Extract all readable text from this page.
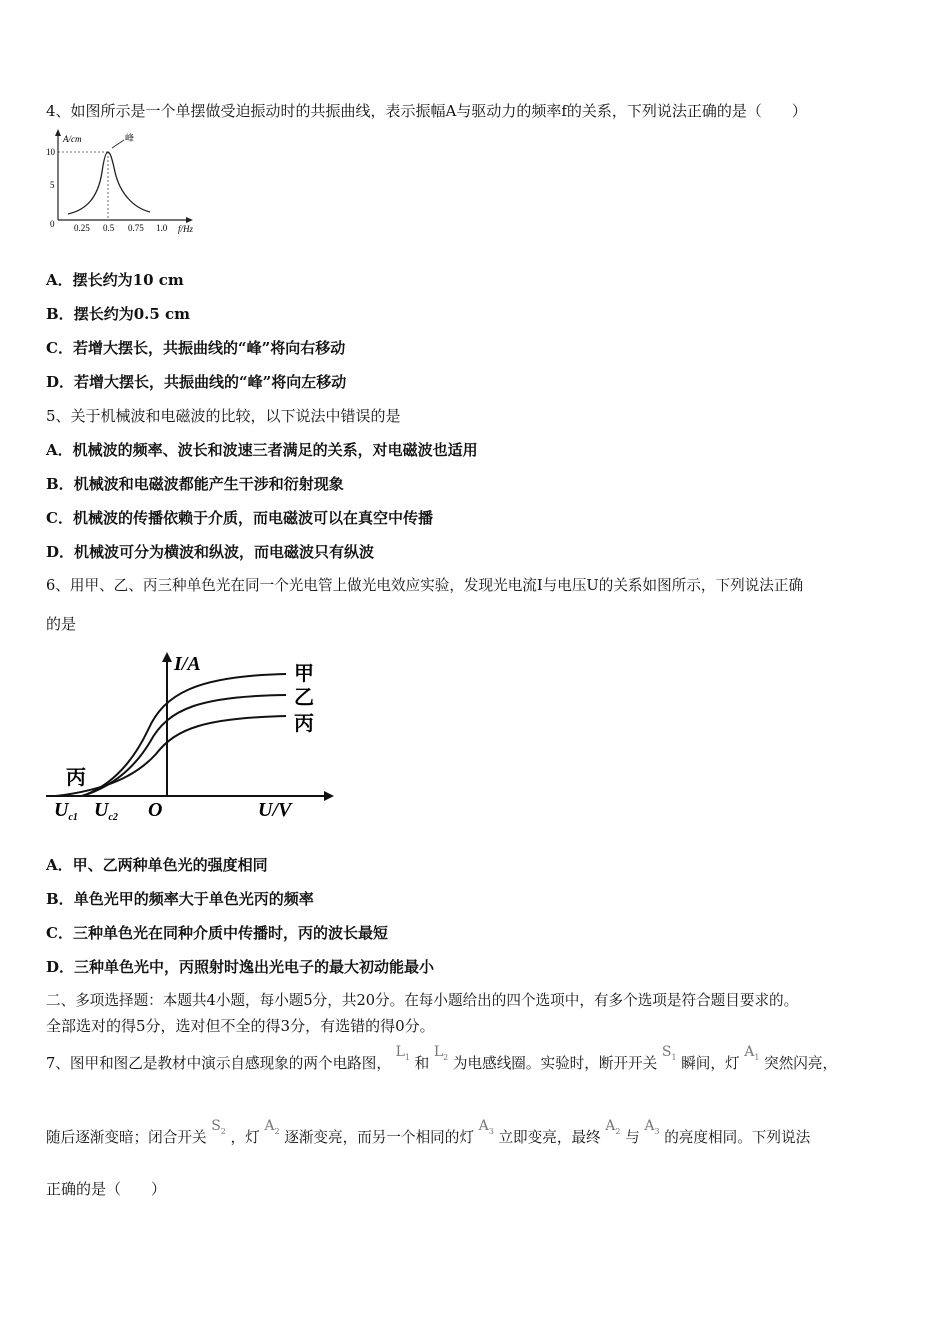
4、如图所示是一个单摆做受迫振动时的共振曲线，表示振幅A与驱动力的频率f的关系，下列说法正确的是（　　）
峰
A/cm
f/Hz
10
5
0 0.25 0.5 0.75 1.0
A．摆长约为10 cm
B．摆长约为0.5 cm
C．若增大摆长，共振曲线的“峰”将向右移动
D．若增大摆长，共振曲线的“峰”将向左移动
5、关于机械波和电磁波的比较，以下说法中错误的是
A．机械波的频率、波长和波速三者满足的关系，对电磁波也适用
B．机械波和电磁波都能产生干涉和衍射现象
C．机械波的传播依赖于介质，而电磁波可以在真空中传播
D．机械波可分为横波和纵波，而电磁波只有纵波
6、用甲、乙、丙三种单色光在同一个光电管上做光电效应实验，发现光电流I与电压U的关系如图所示，下列说法正确
的是
I/A
U/V
甲
乙
丙
丙
O
$U_{c1}$ $U_{c2}$
A．甲、乙两种单色光的强度相同
B．单色光甲的频率大于单色光丙的频率
C．三种单色光在同种介质中传播时，丙的波长最短
D．三种单色光中，丙照射时逸出光电子的最大初动能最小
二、多项选择题：本题共4小题，每小题5分，共20分。在每小题给出的四个选项中，有多个选项是符合题目要求的。
全部选对的得5分，选对但不全的得3分，有选错的得0分。
7、图甲和图乙是教材中演示自感现象的两个电路图， $L_1$ 和 $L_2$ 为电感线圈。实验时，断开开关 $S_1$ 瞬间，灯 $A_1$ 突然闪亮，
随后逐渐变暗；闭合开关 $S_2$ ，灯 $A_2$ 逐渐变亮，而另一个相同的灯 $A_3$ 立即变亮，最终 $A_2$ 与 $A_3$ 的亮度相同。下列说法
正确的是（　　）
